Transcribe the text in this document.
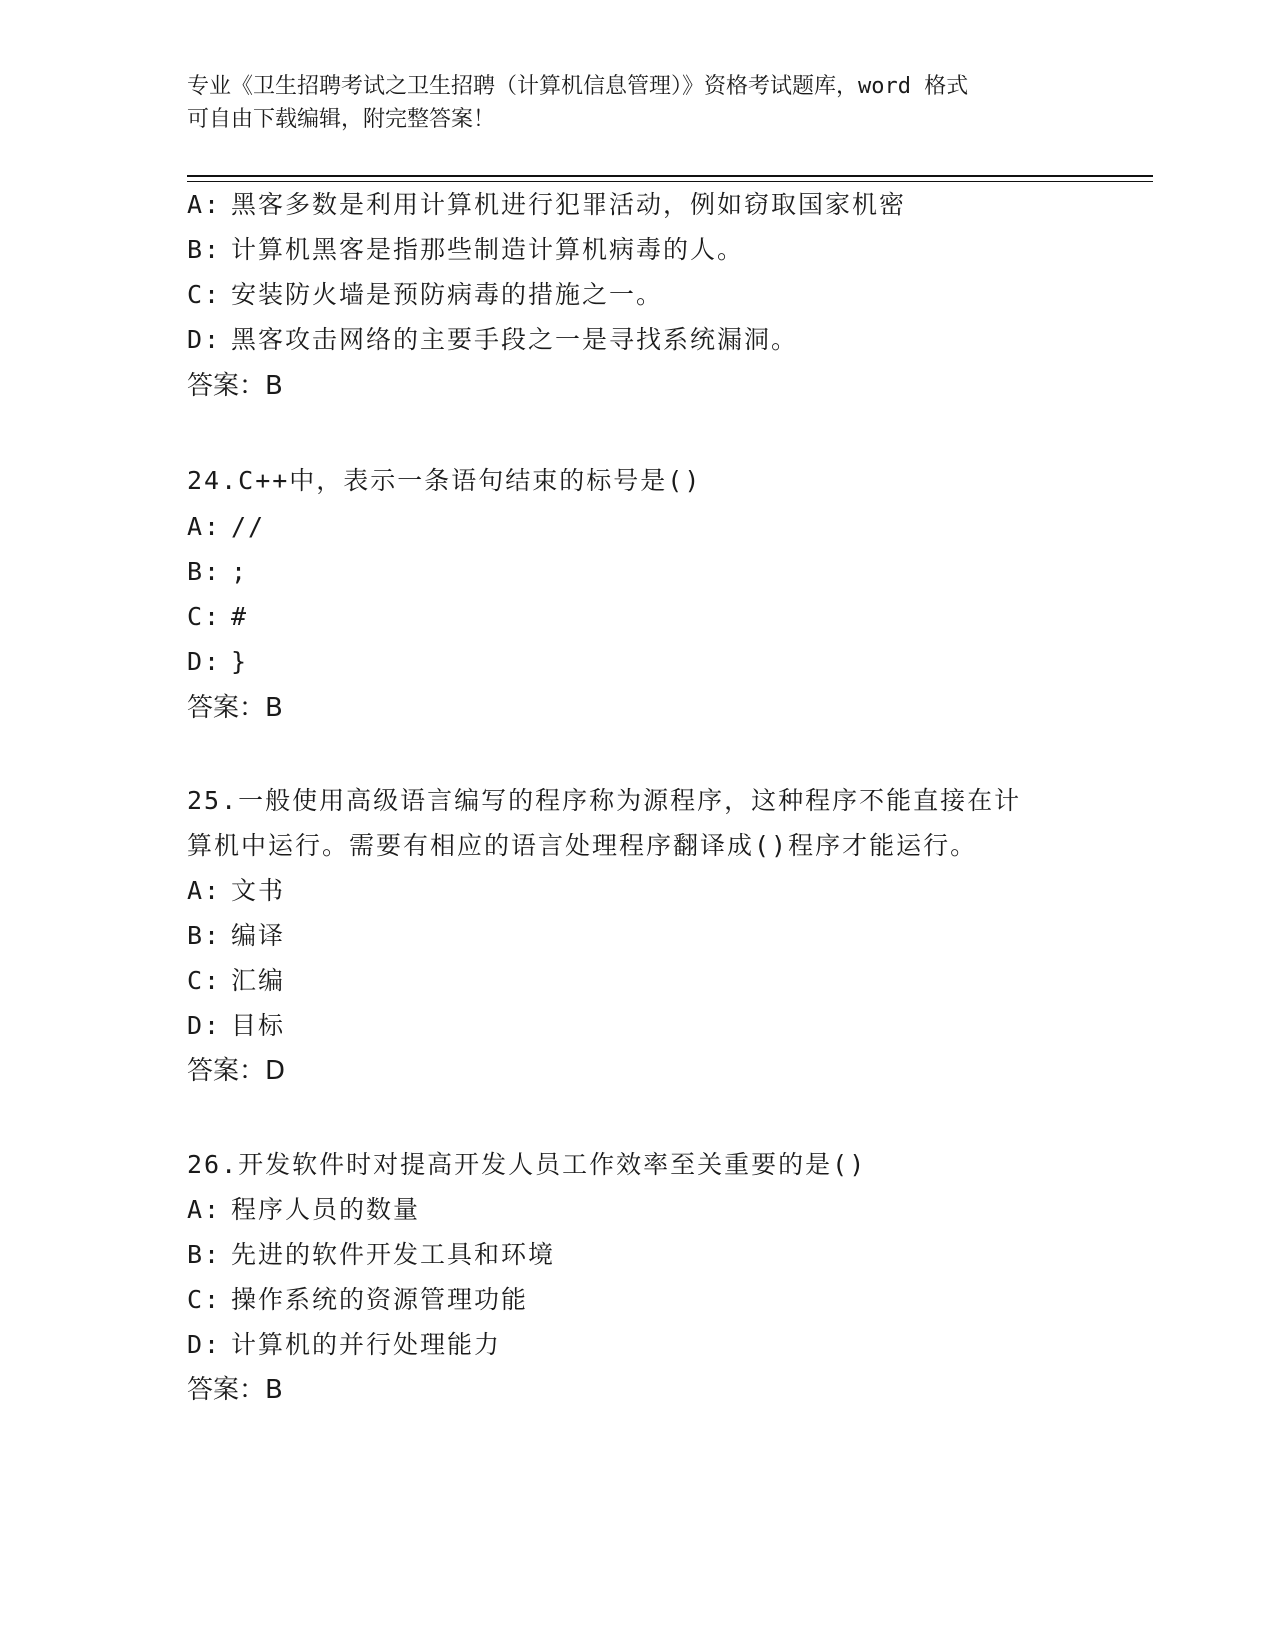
专业《卫生招聘考试之卫生招聘（计算机信息管理）》资格考试题库，word 格式
可自由下载编辑，附完整答案！
A: 黑客多数是利用计算机进行犯罪活动，例如窃取国家机密
B: 计算机黑客是指那些制造计算机病毒的人。
C: 安装防火墙是预防病毒的措施之一。
D: 黑客攻击网络的主要手段之一是寻找系统漏洞。
答案：B
24.C++中，表示一条语句结束的标号是()
A: //
B: ;
C: #
D: }
答案：B
25.一般使用高级语言编写的程序称为源程序，这种程序不能直接在计
算机中运行。需要有相应的语言处理程序翻译成()程序才能运行。
A: 文书
B: 编译
C: 汇编
D: 目标
答案：D
26.开发软件时对提高开发人员工作效率至关重要的是()
A: 程序人员的数量
B: 先进的软件开发工具和环境
C: 操作系统的资源管理功能
D: 计算机的并行处理能力
答案：B
